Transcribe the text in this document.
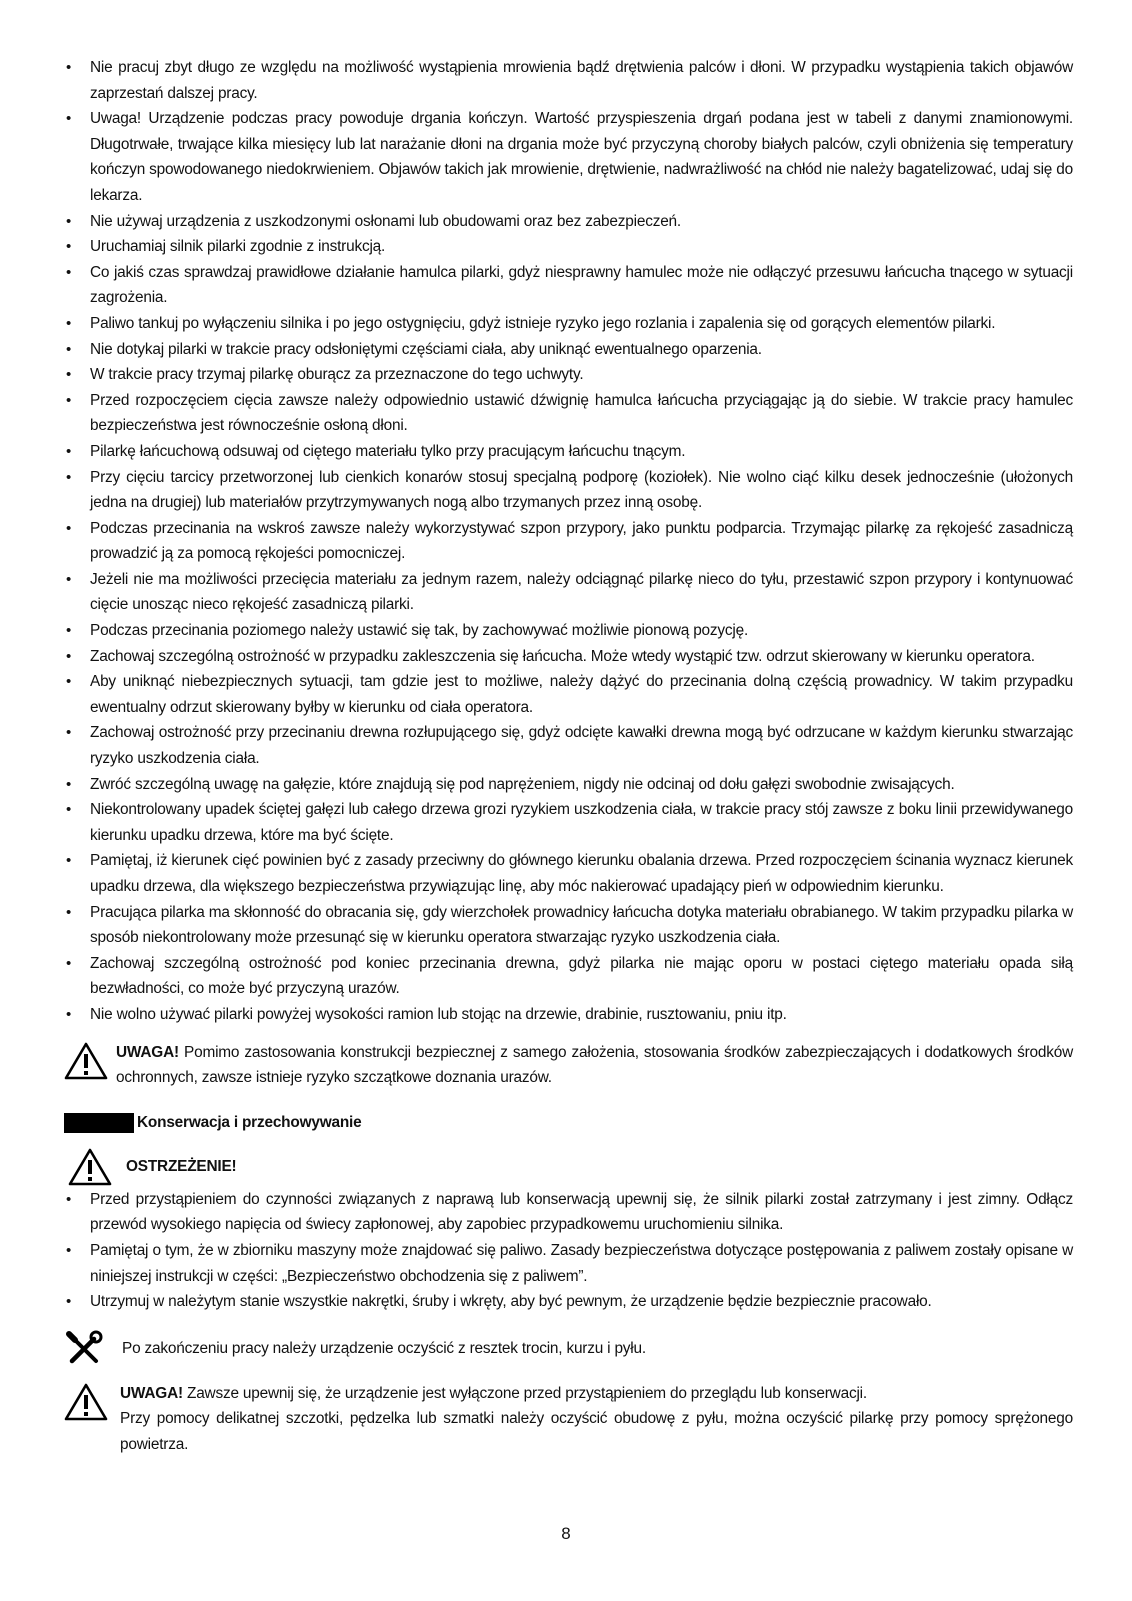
• Nie pracuj zbyt długo ze względu na możliwość wystąpienia mrowienia bądź drętwienia palców i dłoni. W przypadku wystąpienia takich objawów zaprzestań dalszej pracy.
• Uwaga! Urządzenie podczas pracy powoduje drgania kończyn. Wartość przyspieszenia drgań podana jest w tabeli z danymi znamionowymi. Długotrwałe, trwające kilka miesięcy lub lat narażanie dłoni na drgania może być przyczyną choroby białych palców, czyli obniżenia się temperatury kończyn spowodowanego niedokrwieniem. Objawów takich jak mrowienie, drętwienie, nadwrażliwość na chłód nie należy bagatelizować, udaj się do lekarza.
• Nie używaj urządzenia z uszkodzonymi osłonami lub obudowami oraz bez zabezpieczeń.
• Uruchamiaj silnik pilarki zgodnie z instrukcją.
• Co jakiś czas sprawdzaj prawidłowe działanie hamulca pilarki, gdyż niesprawny hamulec może nie odłączyć przesuwu łańcucha tnącego w sytuacji zagrożenia.
• Paliwo tankuj po wyłączeniu silnika i po jego ostygnięciu, gdyż istnieje ryzyko jego rozlania i zapalenia się od gorących elementów pilarki.
• Nie dotykaj pilarki w trakcie pracy odsłoniętymi częściami ciała, aby uniknąć ewentualnego oparzenia.
• W trakcie pracy trzymaj pilarkę oburącz za przeznaczone do tego uchwyty.
• Przed rozpoczęciem cięcia zawsze należy odpowiednio ustawić dźwignię hamulca łańcucha przyciągając ją do siebie. W trakcie pracy hamulec bezpieczeństwa jest równocześnie osłoną dłoni.
• Pilarkę łańcuchową odsuwaj od ciętego materiału tylko przy pracującym łańcuchu tnącym.
• Przy cięciu tarcicy przetworzonej lub cienkich konarów stosuj specjalną podporę (koziołek). Nie wolno ciąć kilku desek jednocześnie (ułożonych jedna na drugiej) lub materiałów przytrzymywanych nogą albo trzymanych przez inną osobę.
• Podczas przecinania na wskroś zawsze należy wykorzystywać szpon przypory, jako punktu podparcia. Trzymając pilarkę za rękojeść zasadniczą prowadzić ją za pomocą rękojeści pomocniczej.
• Jeżeli nie ma możliwości przecięcia materiału za jednym razem, należy odciągnąć pilarkę nieco do tyłu, przestawić szpon przypory i kontynuować cięcie unosząc nieco rękojeść zasadniczą pilarki.
• Podczas przecinania poziomego należy ustawić się tak, by zachowywać możliwie pionową pozycję.
• Zachowaj szczególną ostrożność w przypadku zakleszczenia się łańcucha. Może wtedy wystąpić tzw. odrzut skierowany w kierunku operatora.
• Aby uniknąć niebezpiecznych sytuacji, tam gdzie jest to możliwe, należy dążyć do przecinania dolną częścią prowadnicy. W takim przypadku ewentualny odrzut skierowany byłby w kierunku od ciała operatora.
• Zachowaj ostrożność przy przecinaniu drewna rozłupującego się, gdyż odcięte kawałki drewna mogą być odrzucane w każdym kierunku stwarzając ryzyko uszkodzenia ciała.
• Zwróć szczególną uwagę na gałęzie, które znajdują się pod naprężeniem, nigdy nie odcinaj od dołu gałęzi swobodnie zwisających.
• Niekontrolowany upadek ściętej gałęzi lub całego drzewa grozi ryzykiem uszkodzenia ciała, w trakcie pracy stój zawsze z boku linii przewidywanego kierunku upadku drzewa, które ma być ścięte.
• Pamiętaj, iż kierunek cięć powinien być z zasady przeciwny do głównego kierunku obalania drzewa. Przed rozpoczęciem ścinania wyznacz kierunek upadku drzewa, dla większego bezpieczeństwa przywiązując linę, aby móc nakierować upadający pień w odpowiednim kierunku.
• Pracująca pilarka ma skłonność do obracania się, gdy wierzchołek prowadnicy łańcucha dotyka materiału obrabianego. W takim przypadku pilarka w sposób niekontrolowany może przesunąć się w kierunku operatora stwarzając ryzyko uszkodzenia ciała.
• Zachowaj szczególną ostrożność pod koniec przecinania drewna, gdyż pilarka nie mając oporu w postaci ciętego materiału opada siłą bezwładności, co może być przyczyną urazów.
• Nie wolno używać pilarki powyżej wysokości ramion lub stojąc na drzewie, drabinie, rusztowaniu, pniu itp.
UWAGA! Pomimo zastosowania konstrukcji bezpiecznej z samego założenia, stosowania środków zabezpieczających i dodatkowych środków ochronnych, zawsze istnieje ryzyko szczątkowe doznania urazów.
Konserwacja i przechowywanie
OSTRZEŻENIE!
• Przed przystąpieniem do czynności związanych z naprawą lub konserwacją upewnij się, że silnik pilarki został zatrzymany i jest zimny. Odłącz przewód wysokiego napięcia od świecy zapłonowej, aby zapobiec przypadkowemu uruchomieniu silnika.
• Pamiętaj o tym, że w zbiorniku maszyny może znajdować się paliwo. Zasady bezpieczeństwa dotyczące postępowania z paliwem zostały opisane w niniejszej instrukcji w części: „Bezpieczeństwo obchodzenia się z paliwem”.
• Utrzymuj w należytym stanie wszystkie nakrętki, śruby i wkręty, aby być pewnym, że urządzenie będzie bezpiecznie pracowało.
Po zakończeniu pracy należy urządzenie oczyścić z resztek trocin, kurzu i pyłu.
UWAGA! Zawsze upewnij się, że urządzenie jest wyłączone przed przystąpieniem do przeglądu lub konserwacji.
Przy pomocy delikatnej szczotki, pędzelka lub szmatki należy oczyścić obudowę z pyłu, można oczyścić pilarkę przy pomocy sprężonego powietrza.
8
